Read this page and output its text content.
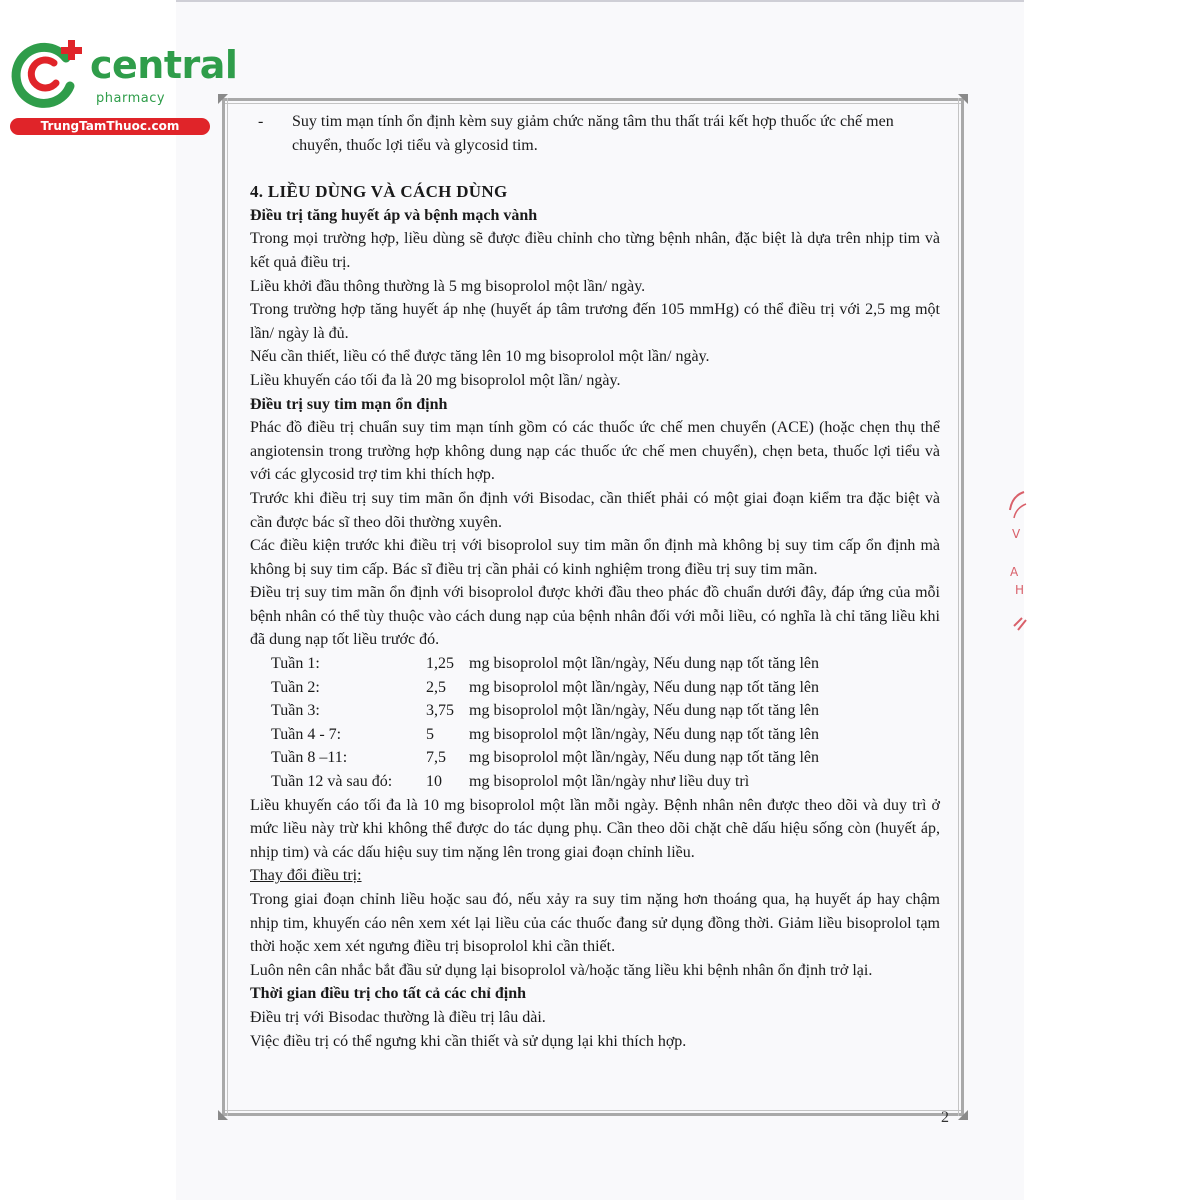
central
pharmacy
TrungTamThuoc.com
V
A
H
-	Suy tim mạn tính ổn định kèm suy giảm chức năng tâm thu thất trái kết hợp thuốc ức chế men chuyển, thuốc lợi tiểu và glycosid tim.

4. LIỀU DÙNG VÀ CÁCH DÙNG

Điều trị tăng huyết áp và bệnh mạch vành

Trong mọi trường hợp, liều dùng sẽ được điều chỉnh cho từng bệnh nhân, đặc biệt là dựa trên nhịp tim và kết quả điều trị.

Liều khởi đầu thông thường là 5 mg bisoprolol một lần/ ngày.

Trong trường hợp tăng huyết áp nhẹ (huyết áp tâm trương đến 105 mmHg) có thể điều trị với 2,5 mg một lần/ ngày là đủ.

Nếu cần thiết, liều có thể được tăng lên 10 mg bisoprolol một lần/ ngày.

Liều khuyến cáo tối đa là 20 mg bisoprolol một lần/ ngày.

Điều trị suy tim mạn ổn định

Phác đồ điều trị chuẩn suy tim mạn tính gồm có các thuốc ức chế men chuyển (ACE) (hoặc chẹn thụ thể angiotensin trong trường hợp không dung nạp các thuốc ức chế men chuyển), chẹn beta, thuốc lợi tiểu và với các glycosid trợ tim khi thích hợp.

Trước khi điều trị suy tim mãn ổn định với Bisodac, cần thiết phải có một giai đoạn kiểm tra đặc biệt và cần được bác sĩ theo dõi thường xuyên.

Các điều kiện trước khi điều trị với bisoprolol suy tim mãn ổn định mà không bị suy tim cấp ổn định mà không bị suy tim cấp. Bác sĩ điều trị cần phải có kinh nghiệm trong điều trị suy tim mãn.

Điều trị suy tim mãn ổn định với bisoprolol được khởi đầu theo phác đồ chuẩn dưới đây, đáp ứng của mỗi bệnh nhân có thể tùy thuộc vào cách dung nạp của bệnh nhân đối với mỗi liều, có nghĩa là chỉ tăng liều khi đã dung nạp tốt liều trước đó.

Tuần 1:	1,25 mg bisoprolol một lần/ngày, Nếu dung nạp tốt tăng lên
Tuần 2:	2,5	mg bisoprolol một lần/ngày, Nếu dung nạp tốt tăng lên
Tuần 3:	3,75 mg bisoprolol một lần/ngày, Nếu dung nạp tốt tăng lên
Tuần 4 - 7:	5	mg bisoprolol một lần/ngày, Nếu dung nạp tốt tăng lên
Tuần 8 –11:	7,5	mg bisoprolol một lần/ngày, Nếu dung nạp tốt tăng lên
Tuần 12 và sau đó:	10	mg bisoprolol một lần/ngày như liều duy trì

Liều khuyến cáo tối đa là 10 mg bisoprolol một lần mỗi ngày. Bệnh nhân nên được theo dõi và duy trì ở mức liều này trừ khi không thể được do tác dụng phụ. Cần theo dõi chặt chẽ dấu hiệu sống còn (huyết áp, nhịp tim) và các dấu hiệu suy tim nặng lên trong giai đoạn chỉnh liều.

Thay đổi điều trị:

Trong giai đoạn chỉnh liều hoặc sau đó, nếu xảy ra suy tim nặng hơn thoáng qua, hạ huyết áp hay chậm nhịp tim, khuyến cáo nên xem xét lại liều của các thuốc đang sử dụng đồng thời. Giảm liều bisoprolol tạm thời hoặc xem xét ngưng điều trị bisoprolol khi cần thiết.

Luôn nên cân nhắc bắt đầu sử dụng lại bisoprolol và/hoặc tăng liều khi bệnh nhân ổn định trở lại.

Thời gian điều trị cho tất cả các chỉ định

Điều trị với Bisodac thường là điều trị lâu dài.

Việc điều trị có thể ngưng khi cần thiết và sử dụng lại khi thích hợp.

2
